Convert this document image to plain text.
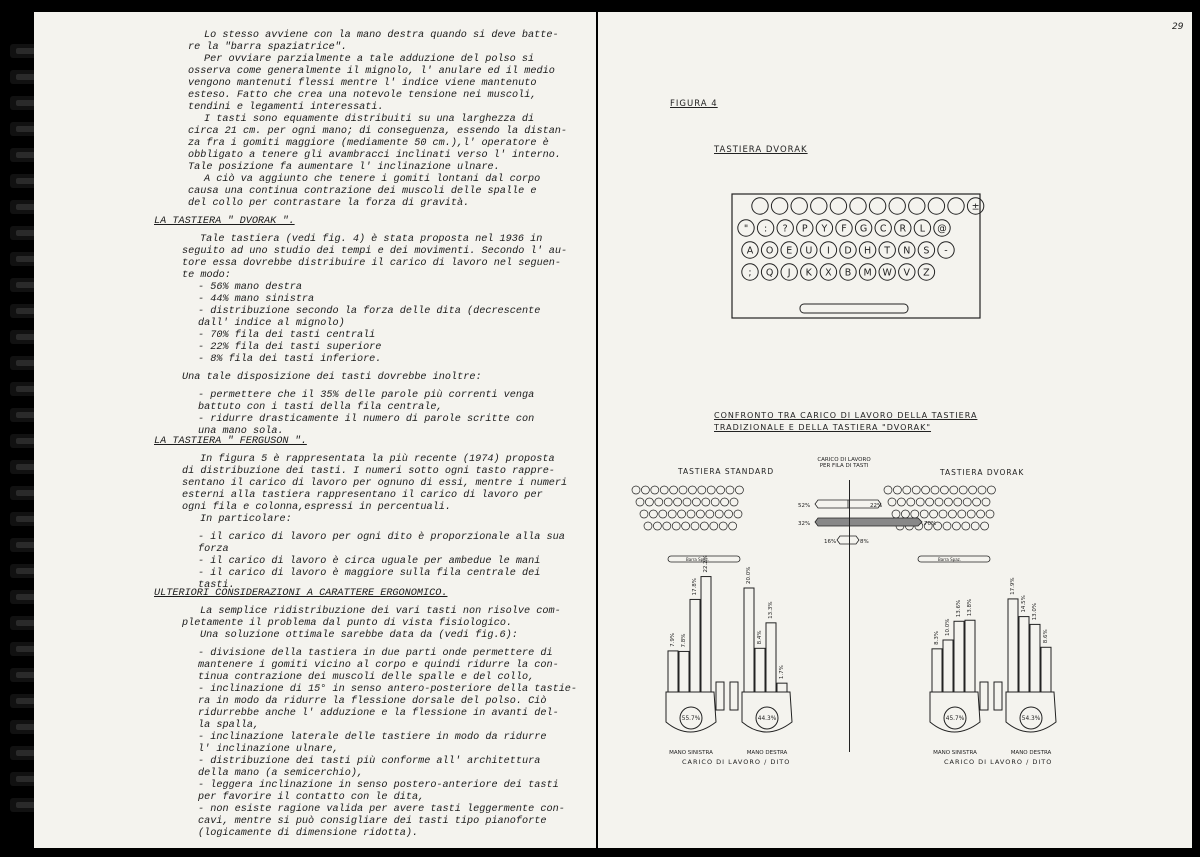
Lo stesso avviene con la mano destra quando si deve batte-
re la "barra spaziatrice".
Per ovviare parzialmente a tale adduzione del polso si
osserva come generalmente il mignolo, l' anulare ed il medio
vengono mantenuti flessi mentre l' indice viene mantenuto
esteso. Fatto che crea una notevole tensione nei muscoli,
tendini e legamenti interessati.
I tasti sono equamente distribuiti su una larghezza di
circa 21 cm. per ogni mano; di conseguenza, essendo la distan-
za fra i gomiti maggiore (mediamente 50 cm.),l' operatore è
obbligato a tenere gli avambracci inclinati verso l' interno.
Tale posizione fa aumentare l' inclinazione ulnare.
A ciò va aggiunto che tenere i gomiti lontani dal corpo
causa una continua contrazione dei muscoli delle spalle e
del collo per contrastare la forza di gravità.
LA TASTIERA " DVORAK ".
Tale tastiera (vedi fig. 4) è stata proposta nel 1936 in
seguito ad uno studio dei tempi e dei movimenti. Secondo l' au-
tore essa dovrebbe distribuire il carico di lavoro nel seguen-
te modo:
- 56% mano destra
- 44% mano sinistra
- distribuzione secondo la forza delle dita (decrescente
dall' indice al mignolo)
- 70% fila dei tasti centrali
- 22% fila dei tasti superiore
- 8% fila dei tasti inferiore.
Una tale disposizione dei tasti dovrebbe inoltre:
- permettere che il 35% delle parole più correnti venga
battuto con i tasti della fila centrale,
- ridurre drasticamente il numero di parole scritte con
una mano sola.
LA TASTIERA " FERGUSON ".
In figura 5 è rappresentata la più recente (1974) proposta
di distribuzione dei tasti. I numeri sotto ogni tasto rappre-
sentano il carico di lavoro per ognuno di essi, mentre i numeri
esterni alla tastiera rappresentano il carico di lavoro per
ogni fila e colonna,espressi in percentuali.
In particolare:
- il carico di lavoro per ogni dito è proporzionale alla sua
forza
- il carico di lavoro è circa uguale per ambedue le mani
- il carico di lavoro è maggiore sulla fila centrale dei
tasti.
ULTERIORI CONSIDERAZIONI A CARATTERE ERGONOMICO.
La semplice ridistribuzione dei vari tasti non risolve com-
pletamente il problema dal punto di vista fisiologico.
Una soluzione ottimale sarebbe data da (vedi fig.6):
- divisione della tastiera in due parti onde permettere di
mantenere i gomiti vicino al corpo e quindi ridurre la con-
tinua contrazione dei muscoli delle spalle e del collo,
- inclinazione di 15° in senso antero-posteriore della tastie-
ra in modo da ridurre la flessione dorsale del polso. Ciò
ridurrebbe anche l' adduzione e la flessione in avanti del-
la spalla,
- inclinazione laterale delle tastiere in modo da ridurre
l' inclinazione ulnare,
- distribuzione dei tasti più conforme all' architettura
della mano (a semicerchio),
- leggera inclinazione in senso postero-anteriore dei tasti
per favorire il contatto con le dita,
- non esiste ragione valida per avere tasti leggermente con-
cavi, mentre si può consigliare dei tasti tipo pianoforte
(logicamente di dimensione ridotta).
29
FIGURA 4
TASTIERA DVORAK
±
" : ? P Y F G C R L @
A O E U I D H T N S -
; Q J K X B M W V Z
CONFRONTO TRA CARICO DI LAVORO DELLA TASTIERA
TRADIZIONALE E DELLA TASTIERA "DVORAK"
TASTIERA STANDARD	TASTIERA DVORAK
CARICO DI LAVORO PER FILA DI TASTI
Barra Spaz.	Barra Spaz.
52%	22%
32%	70%
16%	8%
7.9% 7.8%
17.8%
22.2%
55.7%
MANO SINISTRA
20.0%
8.4%
13.3%
1.7%
44.3%
MANO DESTRA
8.3%
10.0%
13.6% 13.8%
45.7%
MANO SINISTRA
17.9%
14.5% 13.0%
8.6%
54.3%
MANO DESTRA
CARICO DI LAVORO / DITO	CARICO DI LAVORO / DITO
